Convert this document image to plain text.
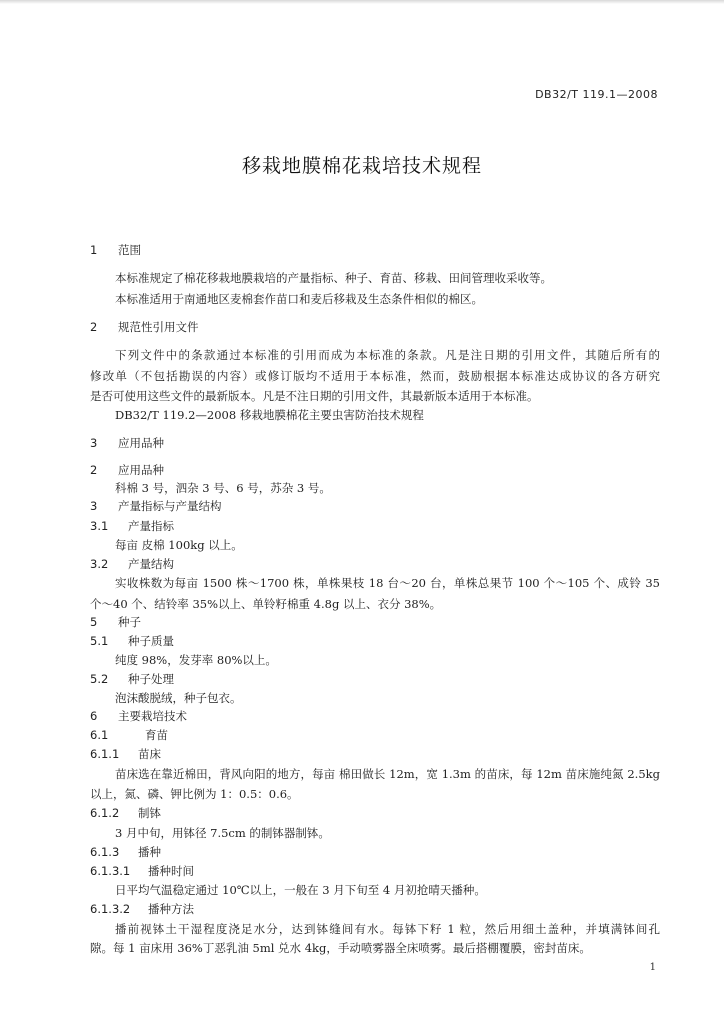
DB32/T 119.1—2008
移栽地膜棉花栽培技术规程
1 范围
本标准规定了棉花移栽地膜栽培的产量指标、种子、育苗、移栽、田间管理收采收等。
本标准适用于南通地区麦棉套作苗口和麦后移栽及生态条件相似的棉区。
2 规范性引用文件
下列文件中的条款通过本标准的引用而成为本标准的条款。凡是注日期的引用文件，其随后所有的
修改单（不包括勘误的内容）或修订版均不适用于本标准，然而，鼓励根据本标准达成协议的各方研究
是否可使用这些文件的最新版本。凡是不注日期的引用文件，其最新版本适用于本标准。
DB32/T 119.2—2008 移栽地膜棉花主要虫害防治技术规程
3 应用品种
2 应用品种
科棉 3 号，泗杂 3 号、6 号，苏杂 3 号。
3 产量指标与产量结构
3.1 产量指标
每亩 皮棉 100kg 以上。
3.2 产量结构
实收株数为每亩 1500 株～1700 株，单株果枝 18 台～20 台，单株总果节 100 个～105 个、成铃 35
个～40 个、结铃率 35%以上、单铃籽棉重 4.8g 以上、衣分 38%。
5 种子
5.1 种子质量
纯度 98%，发芽率 80%以上。
5.2 种子处理
泡沫酸脱绒，种子包衣。
6 主要栽培技术
6.1	育苗
6.1.1 苗床
苗床选在靠近棉田，背风向阳的地方，每亩 棉田做长 12m，宽 1.3m 的苗床，每 12m 苗床施纯氮 2.5kg
以上，氮、磷、钾比例为 1：0.5：0.6。
6.1.2 制钵
3 月中旬，用钵径 7.5cm 的制钵器制钵。
6.1.3 播种
6.1.3.1 播种时间
日平均气温稳定通过 10℃以上，一般在 3 月下旬至 4 月初抢晴天播种。
6.1.3.2 播种方法
播前视钵土干湿程度浇足水分，达到钵缝间有水。每钵下籽 1 粒，然后用细土盖种，并填满钵间孔
隙。每 1 亩床用 36%丁恶乳油 5ml 兑水 4kg，手动喷雾器全床喷雾。最后搭棚覆膜，密封苗床。
1
